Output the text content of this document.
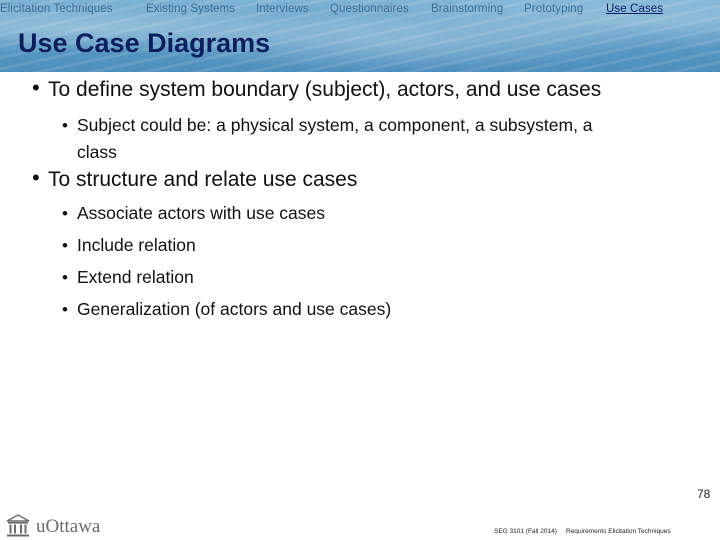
Elicitation Techniques	Existing Systems Interviews Questionnaires Brainstorming Prototyping Use Cases
Use Case Diagrams
• To define system boundary (subject), actors, and use cases
• Subject could be: a physical system, a component, a subsystem, a
class
• To structure and relate use cases
• Associate actors with use cases
• Include relation
• Extend relation
• Generalization (of actors and use cases)
uOttawa
78
SEG 3101 (Fall 2014) Requirements Elicitation Techniques
